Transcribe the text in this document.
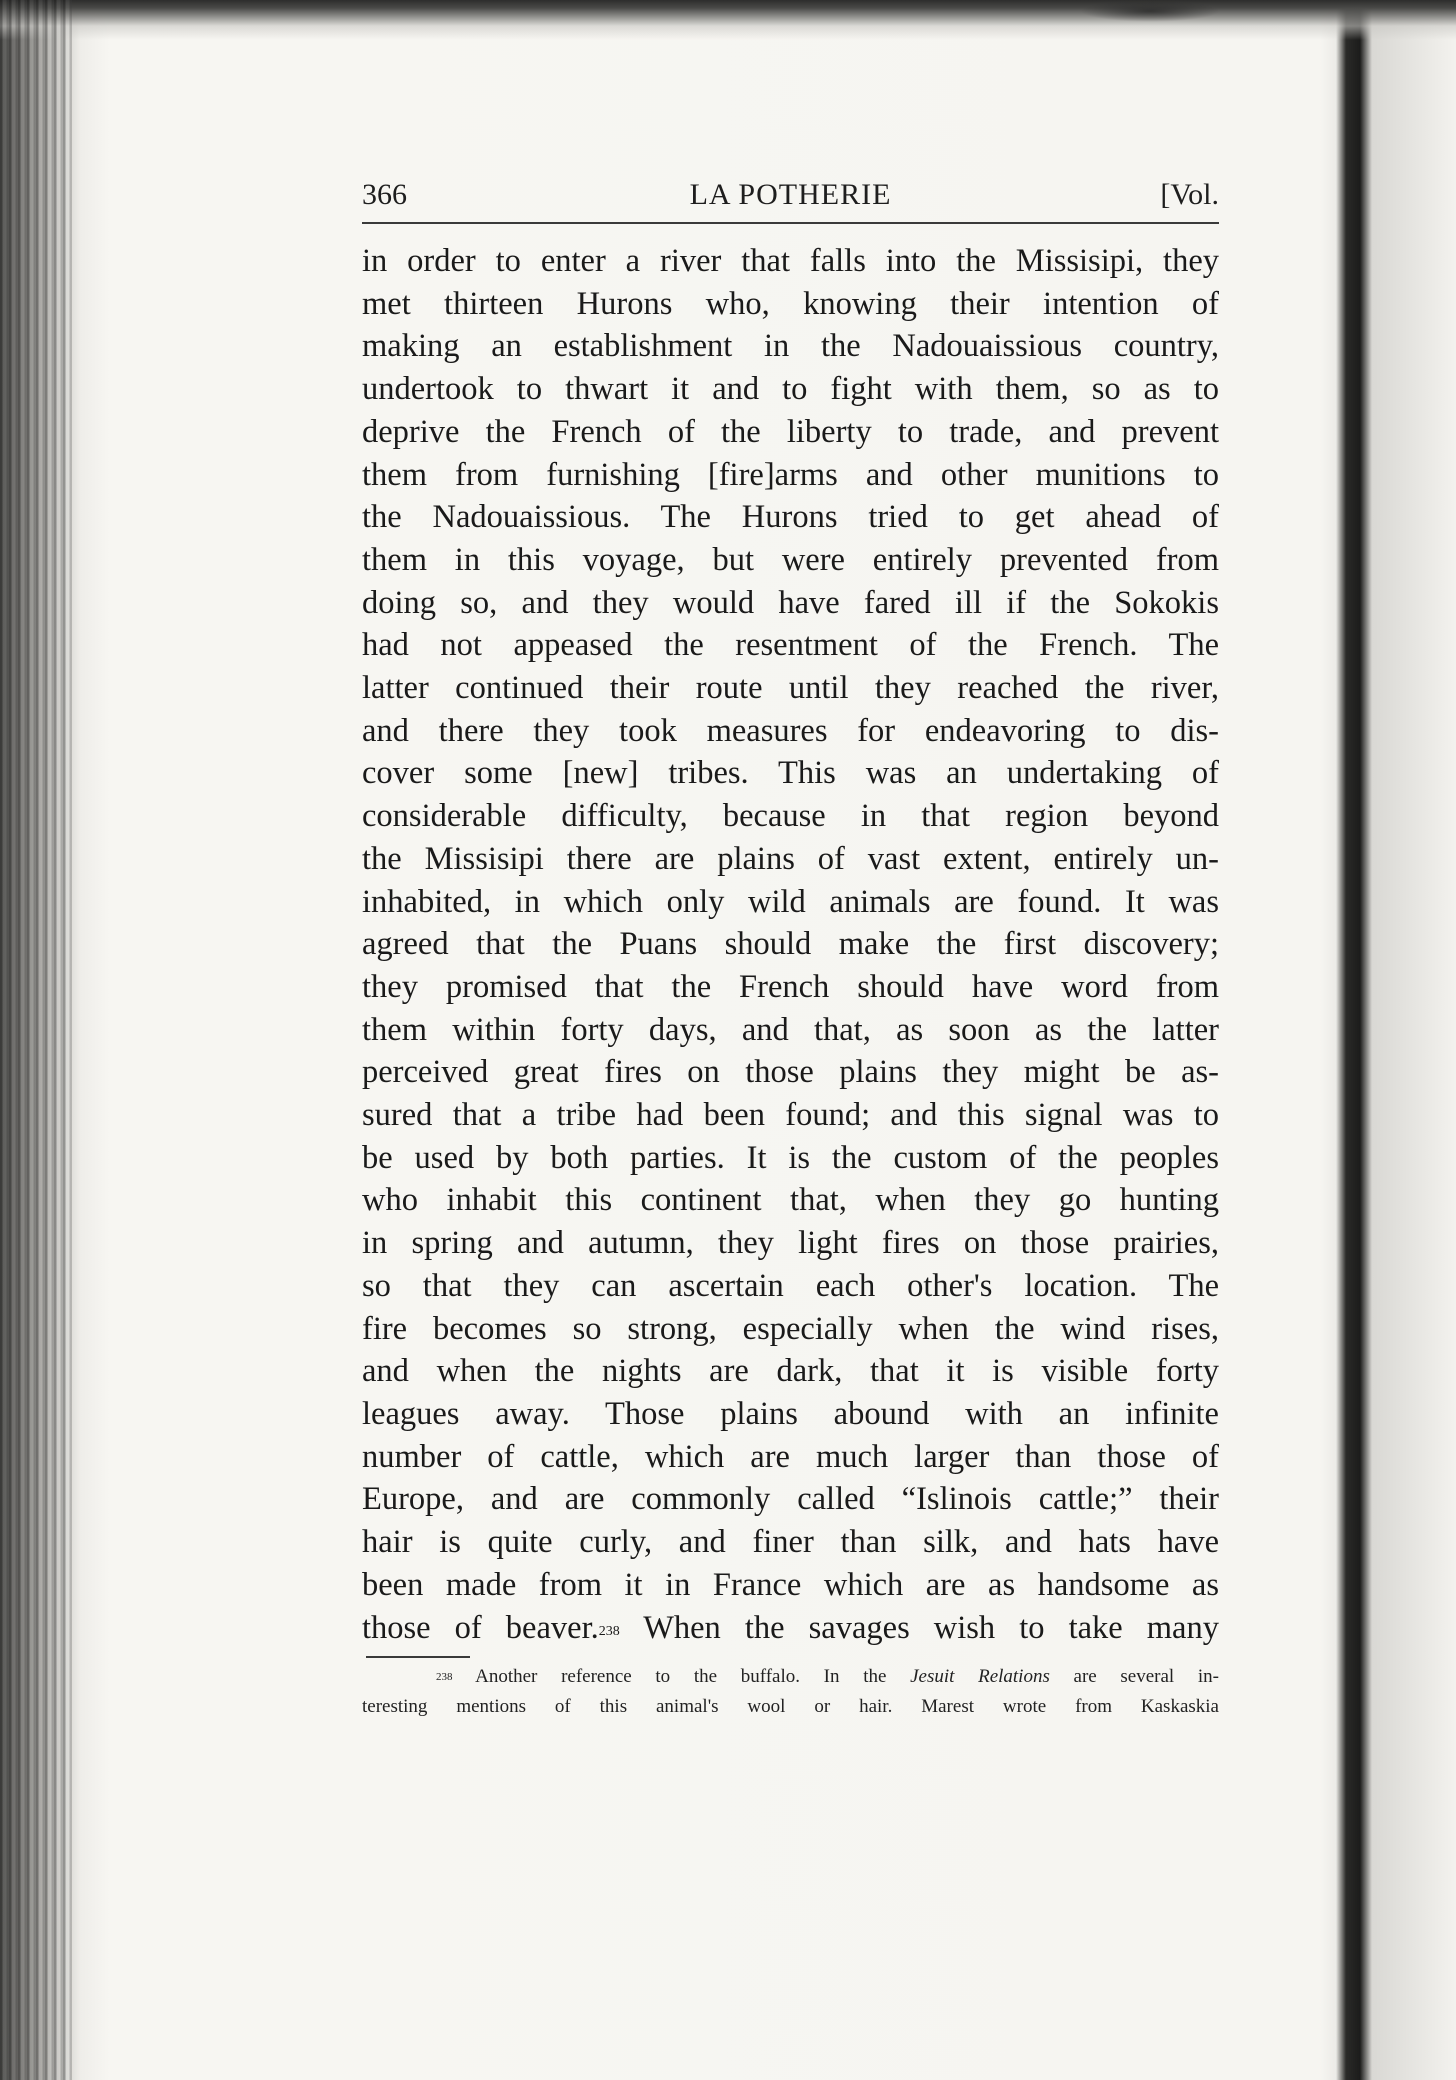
366	LA POTHERIE	[Vol.
in order to enter a river that falls into the Missisipi, they
met thirteen Hurons who, knowing their intention of
making an establishment in the Nadouaissious country,
undertook to thwart it and to fight with them, so as to
deprive the French of the liberty to trade, and prevent
them from furnishing [fire]arms and other munitions to
the Nadouaissious. The Hurons tried to get ahead of
them in this voyage, but were entirely prevented from
doing so, and they would have fared ill if the Sokokis
had not appeased the resentment of the French. The
latter continued their route until they reached the river,
and there they took measures for endeavoring to dis-
cover some [new] tribes. This was an undertaking of
considerable difficulty, because in that region beyond
the Missisipi there are plains of vast extent, entirely un-
inhabited, in which only wild animals are found. It was
agreed that the Puans should make the first discovery;
they promised that the French should have word from
them within forty days, and that, as soon as the latter
perceived great fires on those plains they might be as-
sured that a tribe had been found; and this signal was to
be used by both parties. It is the custom of the peoples
who inhabit this continent that, when they go hunting
in spring and autumn, they light fires on those prairies,
so that they can ascertain each other's location. The
fire becomes so strong, especially when the wind rises,
and when the nights are dark, that it is visible forty
leagues away. Those plains abound with an infinite
number of cattle, which are much larger than those of
Europe, and are commonly called “Islinois cattle;” their
hair is quite curly, and finer than silk, and hats have
been made from it in France which are as handsome as
those of beaver.$^{238}$ When the savages wish to take many
$^{238}$ Another reference to the buffalo. In the Jesuit Relations are several in-
teresting mentions of this animal's wool or hair. Marest wrote from Kaskaskia
